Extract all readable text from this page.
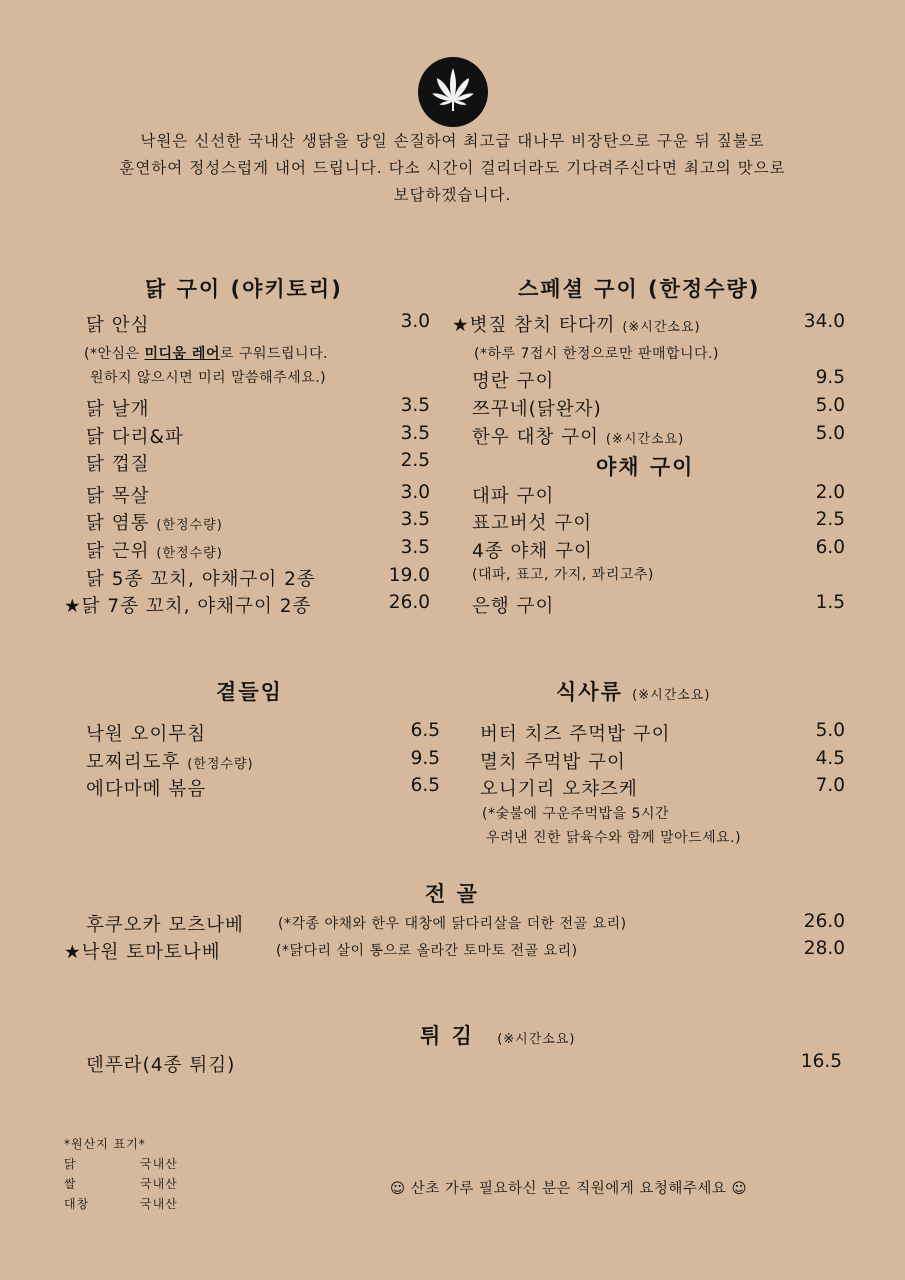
낙원은 신선한 국내산 생닭을 당일 손질하여 최고급 대나무 비장탄으로 구운 뒤 짚불로
훈연하여 정성스럽게 내어 드립니다. 다소 시간이 걸리더라도 기다려주신다면 최고의 맛으로
보답하겠습니다.
닭 구이 (야키토리)
닭 안심	3.0
(*안심은 미디움 레어로 구워드립니다.
원하지 않으시면 미리 말씀해주세요.)
닭 날개	3.5
닭 다리&파	3.5
닭 껍질	2.5
닭 목살	3.0
닭 염통 (한정수량)	3.5
닭 근위 (한정수량)	3.5
닭 5종 꼬치, 야채구이 2종	19.0
★닭 7종 꼬치, 야채구이 2종	26.0
스페셜 구이 (한정수량)
★볏짚 참치 타다끼 (※시간소요)	34.0
(*하루 7접시 한정으로만 판매합니다.)
명란 구이	9.5
쯔꾸네(닭완자)	5.0
한우 대창 구이 (※시간소요)	5.0
야채 구이
대파 구이	2.0
표고버섯 구이	2.5
4종 야채 구이	6.0
(대파, 표고, 가지, 꽈리고추)
은행 구이	1.5
곁들임
낙원 오이무침	6.5
모찌리도후 (한정수량)	9.5
에다마메 볶음	6.5
식사류 (※시간소요)
버터 치즈 주먹밥 구이	5.0
멸치 주먹밥 구이	4.5
오니기리 오챠즈케	7.0
(*숯불에 구운주먹밥을 5시간
우려낸 진한 닭육수와 함께 말아드세요.)
전 골
후쿠오카 모츠나베 (*각종 야채와 한우 대창에 닭다리살을 더한 전골 요리)	26.0
★낙원 토마토나베	(*닭다리 살이 통으로 올라간 토마토 전골 요리)	28.0
튀 김 (※시간소요)
덴푸라(4종 튀김)	16.5
*원산지 표기*
닭	국내산
쌀	국내산
대창	국내산
☺ 산초 가루 필요하신 분은 직원에게 요청해주세요 ☺
